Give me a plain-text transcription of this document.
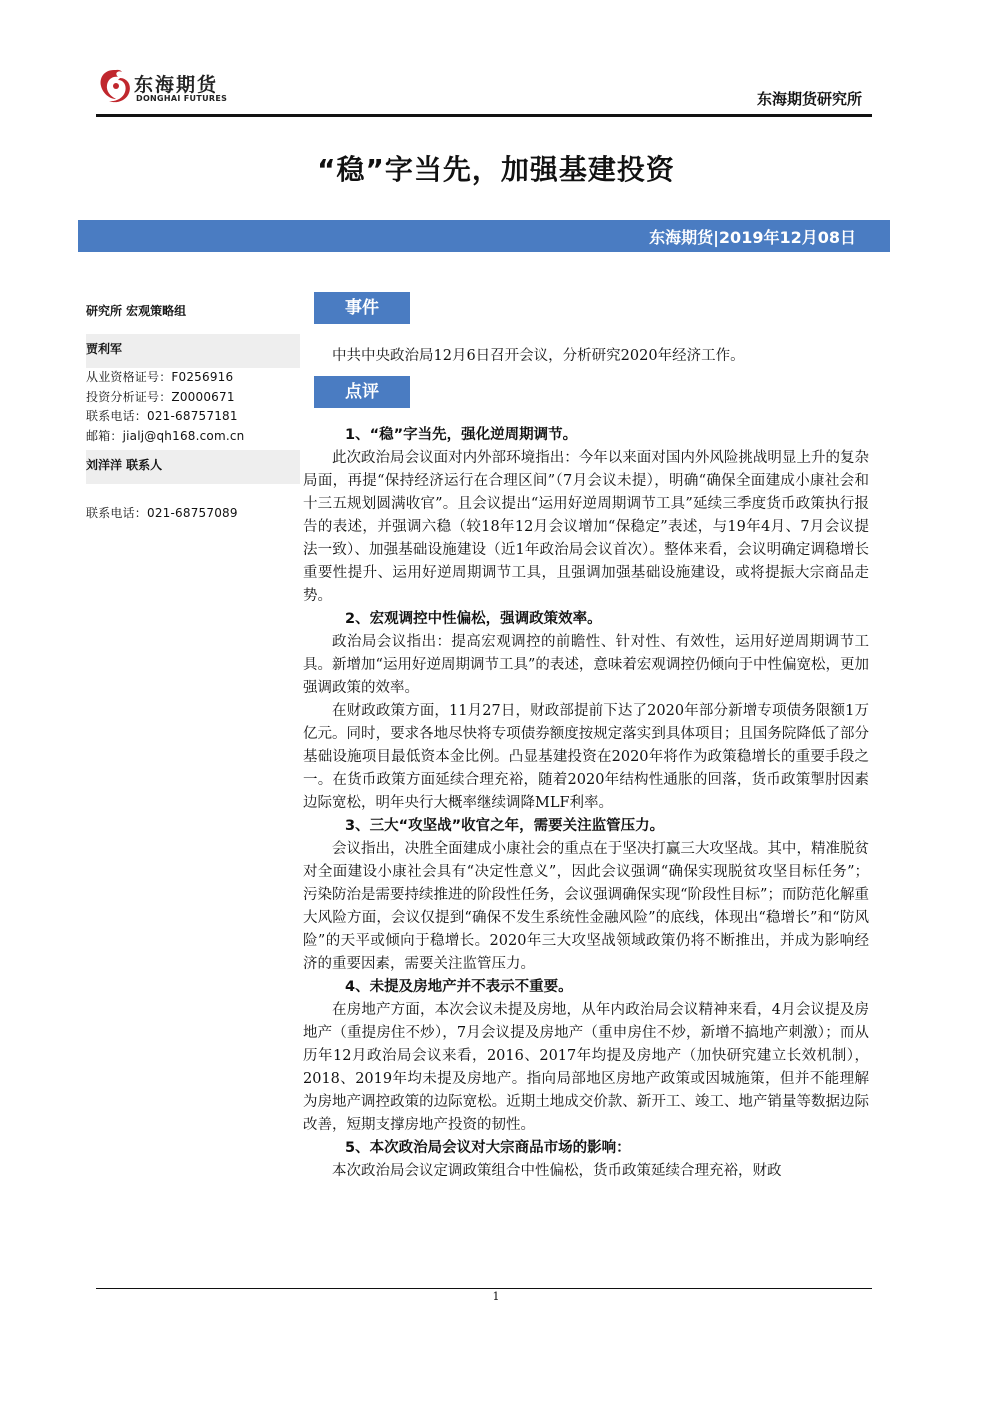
东海期货
DONGHAI FUTURES	东海期货研究所
“稳”字当先，加强基建投资
东海期货|2019年12月08日
研究所 宏观策略组
贾利军
从业资格证号：F0256916
投资分析证号：Z0000671
联系电话：021-68757181
邮箱：jialj@qh168.com.cn
刘洋洋 联系人
联系电话：021-68757089
事件

中共中央政治局12月6日召开会议，分析研究2020年经济工作。

点评

1、“稳”字当先，强化逆周期调节。

此次政治局会议面对内外部环境指出：今年以来面对国内外风险挑战明显上升的复杂局面，再提“保持经济运行在合理区间”（7月会议未提），明确“确保全面建成小康社会和十三五规划圆满收官”。且会议提出“运用好逆周期调节工具”延续三季度货币政策执行报告的表述，并强调六稳（较18年12月会议增加“保稳定”表述，与19年4月、7月会议提法一致）、加强基础设施建设（近1年政治局会议首次）。整体来看，会议明确定调稳增长重要性提升、运用好逆周期调节工具，且强调加强基础设施建设，或将提振大宗商品走势。

2、宏观调控中性偏松，强调政策效率。

政治局会议指出：提高宏观调控的前瞻性、针对性、有效性，运用好逆周期调节工具。新增加“运用好逆周期调节工具”的表述，意味着宏观调控仍倾向于中性偏宽松，更加强调政策的效率。

在财政政策方面，11月27日，财政部提前下达了2020年部分新增专项债务限额1万亿元。同时，要求各地尽快将专项债券额度按规定落实到具体项目；且国务院降低了部分基础设施项目最低资本金比例。凸显基建投资在2020年将作为政策稳增长的重要手段之一。在货币政策方面延续合理充裕，随着2020年结构性通胀的回落，货币政策掣肘因素边际宽松，明年央行大概率继续调降MLF利率。

3、三大“攻坚战”收官之年，需要关注监管压力。

会议指出，决胜全面建成小康社会的重点在于坚决打赢三大攻坚战。其中，精准脱贫对全面建设小康社会具有“决定性意义”，因此会议强调“确保实现脱贫攻坚目标任务”；污染防治是需要持续推进的阶段性任务，会议强调确保实现“阶段性目标”；而防范化解重大风险方面，会议仅提到“确保不发生系统性金融风险”的底线，体现出“稳增长”和“防风险”的天平或倾向于稳增长。2020年三大攻坚战领域政策仍将不断推出，并成为影响经济的重要因素，需要关注监管压力。

4、未提及房地产并不表示不重要。

在房地产方面，本次会议未提及房地，从年内政治局会议精神来看，4月会议提及房地产（重提房住不炒），7月会议提及房地产（重申房住不炒，新增不搞地产刺激）；而从历年12月政治局会议来看，2016、2017年均提及房地产（加快研究建立长效机制），2018、2019年均未提及房地产。指向局部地区房地产政策或因城施策，但并不能理解为房地产调控政策的边际宽松。近期土地成交价款、新开工、竣工、地产销量等数据边际改善，短期支撑房地产投资的韧性。

5、本次政治局会议对大宗商品市场的影响：

本次政治局会议定调政策组合中性偏松，货币政策延续合理充裕，财政

1
